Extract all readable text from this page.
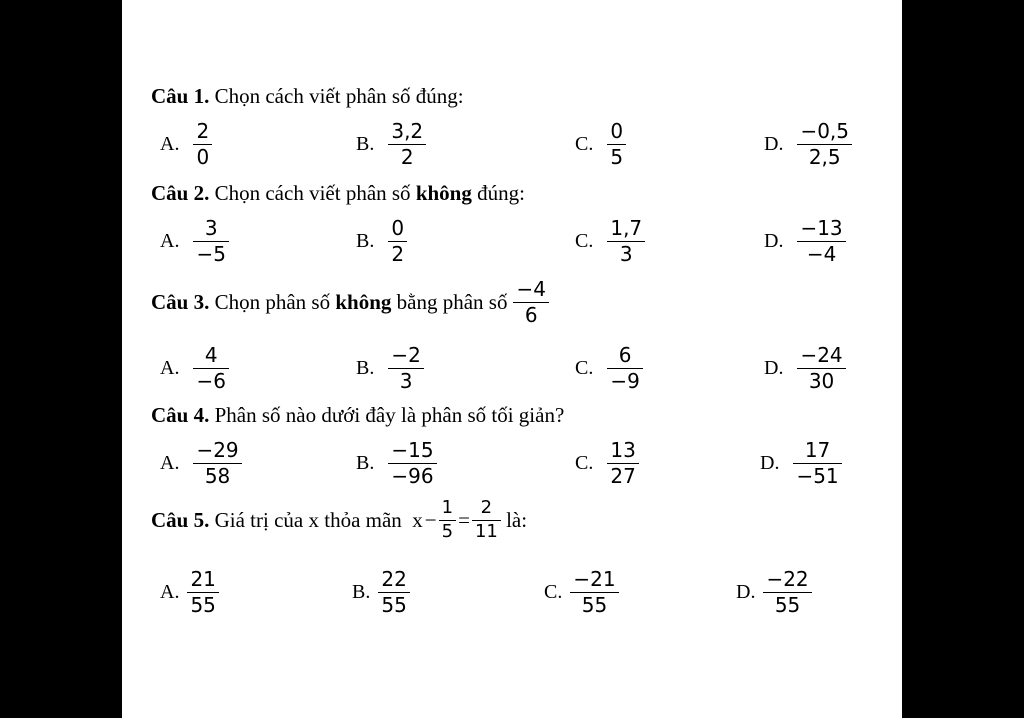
Câu 1.
Chọn cách viết phân số đúng:
A. $\frac{2}{0}$	B. $\frac{3,2}{2}$	C. $\frac{0}{5}$	D. $\frac{-0,5}{2,5}$
Câu 2.
Chọn cách viết phân số
không
đúng:
A. $\frac{3}{-5}$	B. $\frac{0}{2}$	C. $\frac{1,7}{3}$	D. $\frac{-13}{-4}$
Câu 3.
Chọn phân số
không
bằng phân số $\frac{-4}{6}$
A. $\frac{4}{-6}$	B. $\frac{-2}{3}$	C. $\frac{6}{-9}$	D. $\frac{-24}{30}$
Câu 4.
Phân số nào dưới đây là phân số tối giản?
A. $\frac{-29}{58}$	B. $\frac{-15}{-96}$	C. $\frac{13}{27}$	D. $\frac{17}{-51}$
Câu 5.
Giá trị của x thỏa mãn
$x - \frac{1}{5} = \frac{2}{11}$
là:
A. $\frac{21}{55}$	B. $\frac{22}{55}$	C. $\frac{-21}{55}$	D. $\frac{-22}{55}$
